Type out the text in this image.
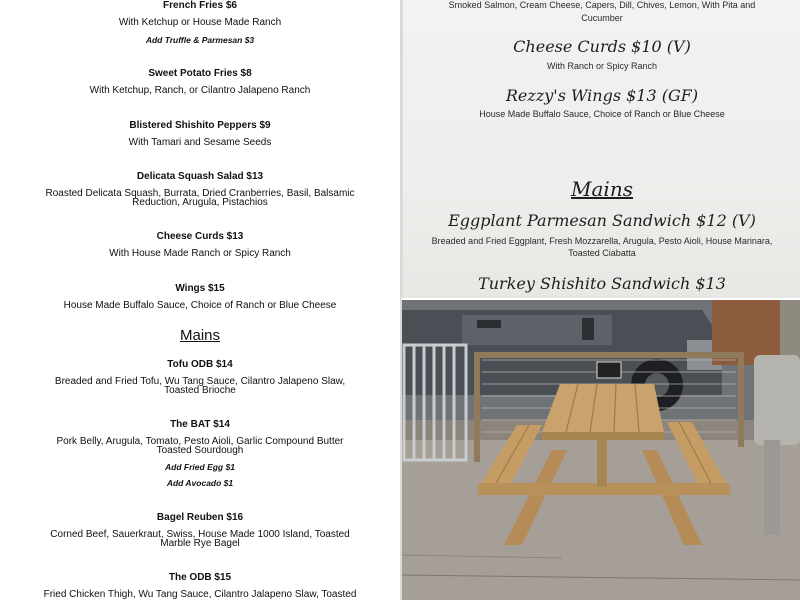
French Fries $6
With Ketchup or House Made Ranch
Add Truffle & Parmesan $3
Sweet Potato Fries $8
With Ketchup, Ranch, or Cilantro Jalapeno Ranch
Blistered Shishito Peppers $9
With Tamari and Sesame Seeds
Delicata Squash Salad $13
Roasted Delicata Squash, Burrata, Dried Cranberries, Basil, Balsamic
Reduction, Arugula, Pistachios
Cheese Curds $13
With House Made Ranch or Spicy Ranch
Wings $15
House Made Buffalo Sauce, Choice of Ranch or Blue Cheese
Mains
Tofu ODB $14
Breaded and Fried Tofu, Wu Tang Sauce, Cilantro Jalapeno Slaw,
Toasted Brioche
The BAT $14
Pork Belly, Arugula, Tomato, Pesto Aioli, Garlic Compound Butter
Toasted Sourdough
Add Fried Egg $1
Add Avocado $1
Bagel Reuben $16
Corned Beef, Sauerkraut, Swiss, House Made 1000 Island, Toasted
Marble Rye Bagel
The ODB $15
Fried Chicken Thigh, Wu Tang Sauce, Cilantro Jalapeno Slaw, Toasted
Smoked Salmon, Cream Cheese, Capers, Dill, Chives, Lemon, With Pita and
Cucumber
Cheese Curds $10 (V)
With Ranch or Spicy Ranch
Rezzy's Wings $13 (GF)
House Made Buffalo Sauce, Choice of Ranch or Blue Cheese
Mains
Eggplant Parmesan Sandwich $12 (V)
Breaded and Fried Eggplant, Fresh Mozzarella, Arugula, Pesto Aioli, House Marinara,
Toasted Ciabatta
Turkey Shishito Sandwich $13
